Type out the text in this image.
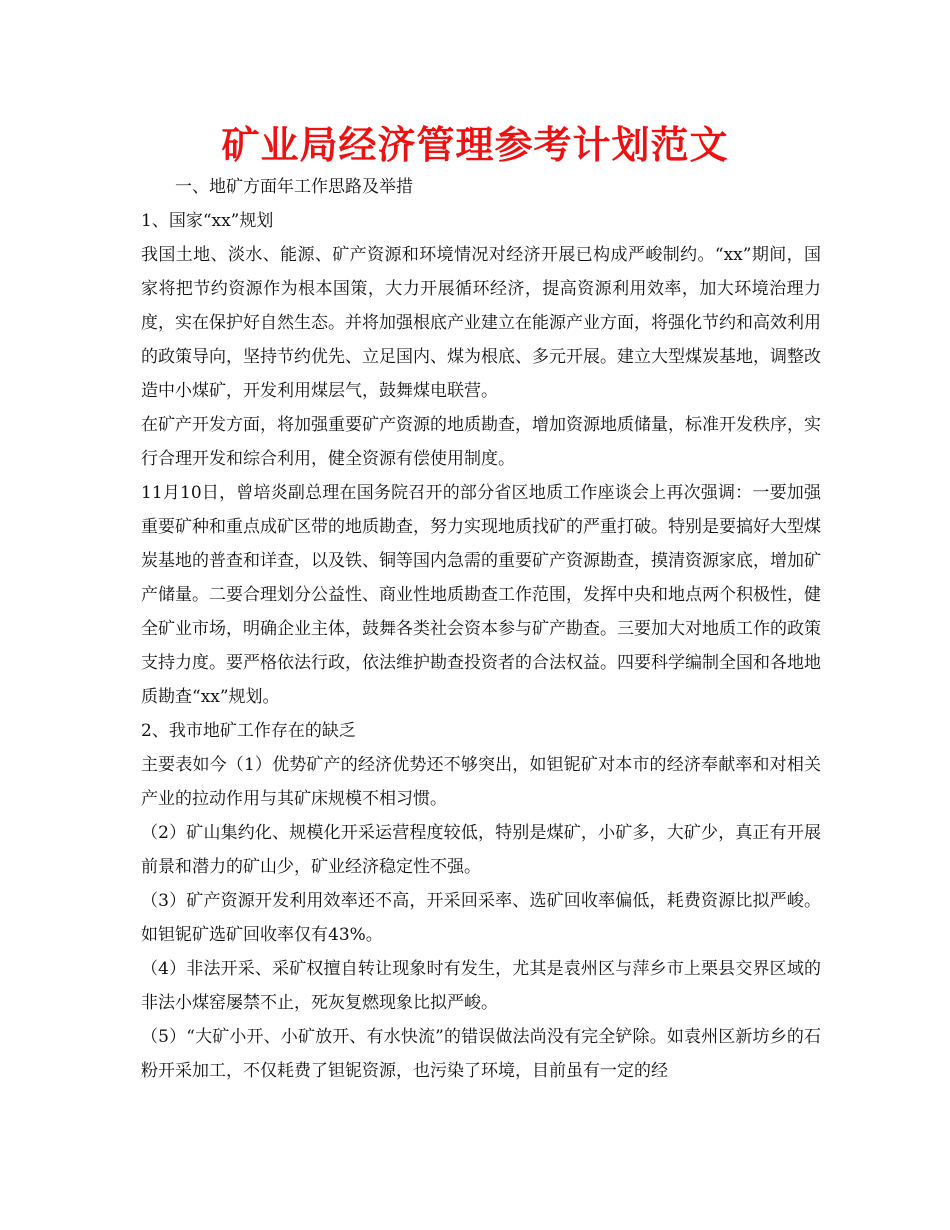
矿业局经济管理参考计划范文

一、地矿方面年工作思路及举措

1、国家“xx”规划

我国土地、淡水、能源、矿产资源和环境情况对经济开展已构成严峻制约。“xx”期间，国家将把节约资源作为根本国策，大力开展循环经济，提高资源利用效率，加大环境治理力度，实在保护好自然生态。并将加强根底产业建立在能源产业方面，将强化节约和高效利用的政策导向，坚持节约优先、立足国内、煤为根底、多元开展。建立大型煤炭基地，调整改造中小煤矿，开发利用煤层气，鼓舞煤电联营。

在矿产开发方面，将加强重要矿产资源的地质勘查，增加资源地质储量，标准开发秩序，实行合理开发和综合利用，健全资源有偿使用制度。

11月10日，曾培炎副总理在国务院召开的部分省区地质工作座谈会上再次强调：一要加强重要矿种和重点成矿区带的地质勘查，努力实现地质找矿的严重打破。特别是要搞好大型煤炭基地的普查和详查，以及铁、铜等国内急需的重要矿产资源勘查，摸清资源家底，增加矿产储量。二要合理划分公益性、商业性地质勘查工作范围，发挥中央和地点两个积极性，健全矿业市场，明确企业主体，鼓舞各类社会资本参与矿产勘查。三要加大对地质工作的政策支持力度。要严格依法行政，依法维护勘查投资者的合法权益。四要科学编制全国和各地地质勘查“xx”规划。

2、我市地矿工作存在的缺乏

主要表如今（1）优势矿产的经济优势还不够突出，如钽铌矿对本市的经济奉献率和对相关产业的拉动作用与其矿床规模不相习惯。

（2）矿山集约化、规模化开采运营程度较低，特别是煤矿，小矿多，大矿少，真正有开展前景和潜力的矿山少，矿业经济稳定性不强。

（3）矿产资源开发利用效率还不高，开采回采率、选矿回收率偏低，耗费资源比拟严峻。如钽铌矿选矿回收率仅有43%。

（4）非法开采、采矿权擅自转让现象时有发生，尤其是袁州区与萍乡市上栗县交界区域的非法小煤窑屡禁不止，死灰复燃现象比拟严峻。

（5）“大矿小开、小矿放开、有水快流”的错误做法尚没有完全铲除。如袁州区新坊乡的石粉开采加工，不仅耗费了钽铌资源，也污染了环境，目前虽有一定的经
